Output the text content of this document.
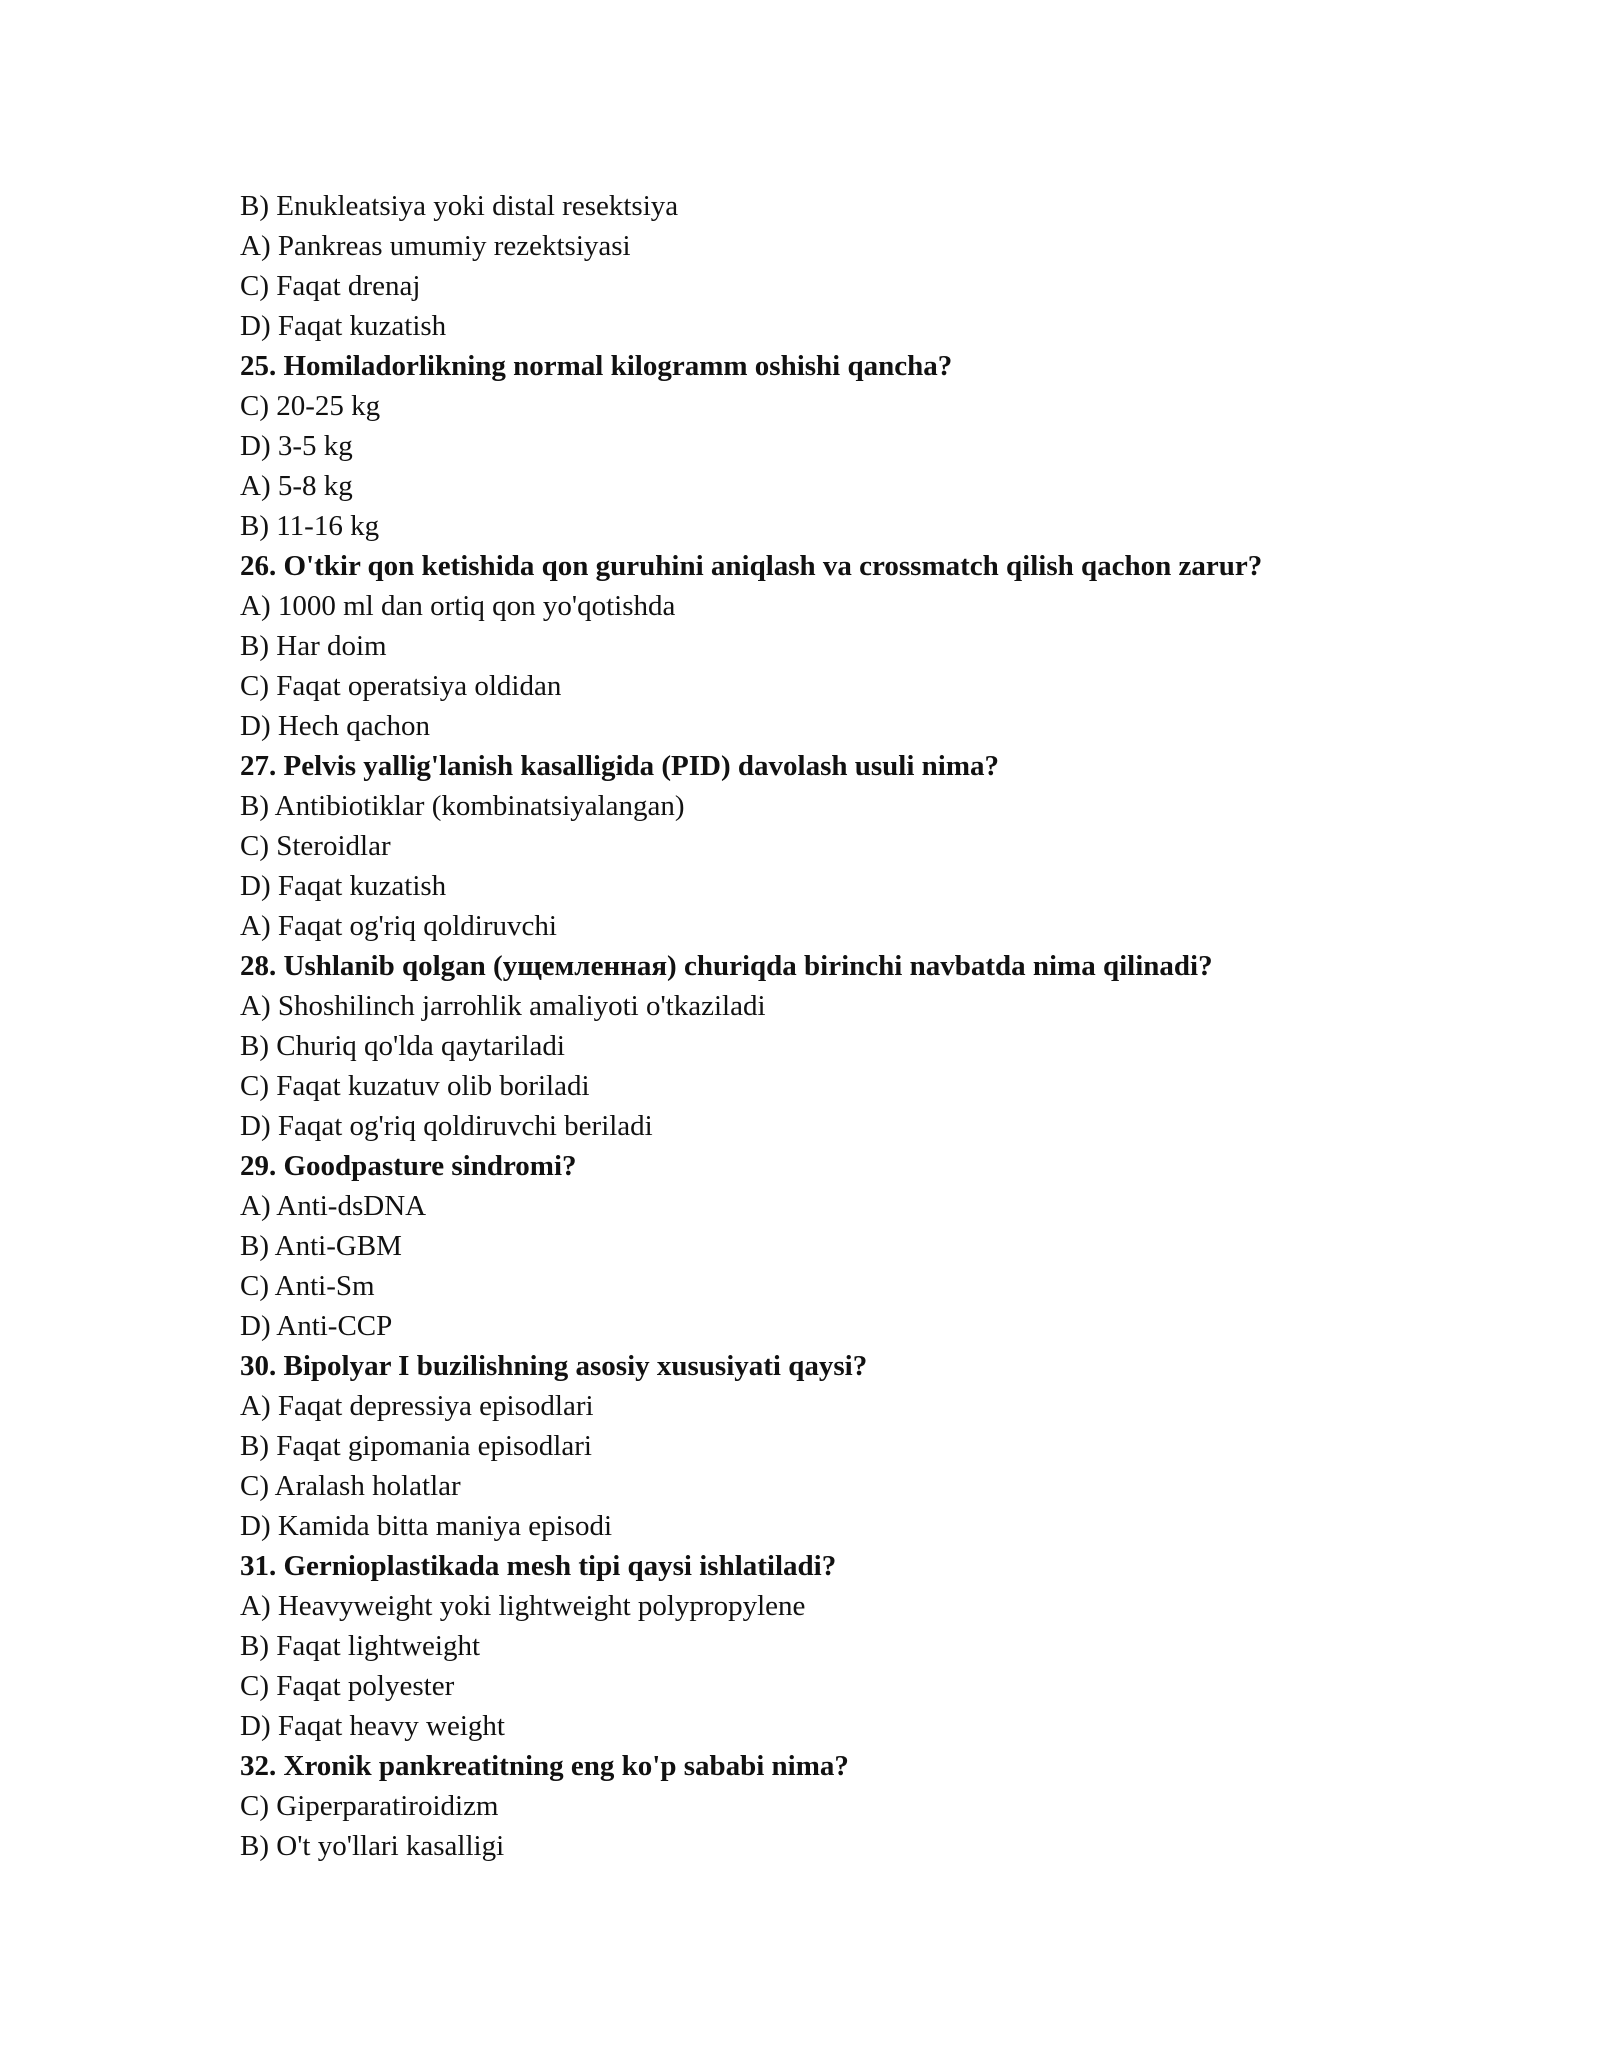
B) Enukleatsiya yoki distal resektsiya
A) Pankreas umumiy rezektsiyasi
C) Faqat drenaj
D) Faqat kuzatish
25. Homiladorlikning normal kilogramm oshishi qancha?
C) 20-25 kg
D) 3-5 kg
A) 5-8 kg
B) 11-16 kg
26. O'tkir qon ketishida qon guruhini aniqlash va crossmatch qilish qachon zarur?
A) 1000 ml dan ortiq qon yo'qotishda
B) Har doim
C) Faqat operatsiya oldidan
D) Hech qachon
27. Pelvis yallig'lanish kasalligida (PID) davolash usuli nima?
B) Antibiotiklar (kombinatsiyalangan)
C) Steroidlar
D) Faqat kuzatish
A) Faqat og'riq qoldiruvchi
28. Ushlanib qolgan (ущемленная) churiqda birinchi navbatda nima qilinadi?
A) Shoshilinch jarrohlik amaliyoti o'tkaziladi
B) Churiq qo'lda qaytariladi
C) Faqat kuzatuv olib boriladi
D) Faqat og'riq qoldiruvchi beriladi
29. Goodpasture sindromi?
A) Anti-dsDNA
B) Anti-GBM
C) Anti-Sm
D) Anti-CCP
30. Bipolyar I buzilishning asosiy xususiyati qaysi?
A) Faqat depressiya episodlari
B) Faqat gipomania episodlari
C) Aralash holatlar
D) Kamida bitta maniya episodi
31. Gernioplastikada mesh tipi qaysi ishlatiladi?
A) Heavyweight yoki lightweight polypropylene
B) Faqat lightweight
C) Faqat polyester
D) Faqat heavy weight
32. Xronik pankreatitning eng ko'p sababi nima?
C) Giperparatiroidizm
B) O't yo'llari kasalligi
